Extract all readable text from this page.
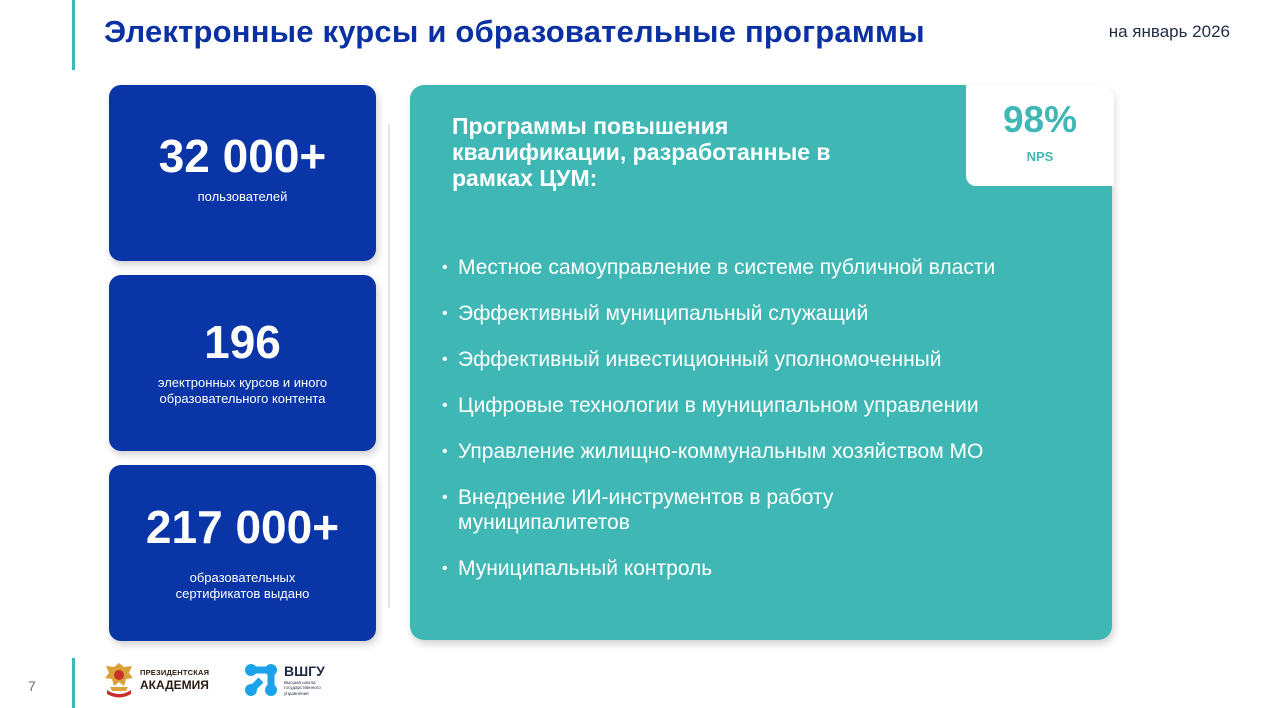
Электронные курсы и образовательные программы	на январь 2026
32 000+
пользователей
196
электронных курсов и иного образовательного контента
217 000+
образовательных сертификатов выдано
Программы повышения квалификации, разработанные в рамках ЦУМ:
98%
NPS
• Местное самоуправление в системе публичной власти
• Эффективный муниципальный служащий
• Эффективный инвестиционный уполномоченный
• Цифровые технологии в муниципальном управлении
• Управление жилищно-коммунальным хозяйством МО
• Внедрение ИИ-инструментов в работу муниципалитетов
• Муниципальный контроль
7
ПРЕЗИДЕНТСКАЯ
АКАДЕМИЯ
ВШГУ
Высшая школа государственного управления
